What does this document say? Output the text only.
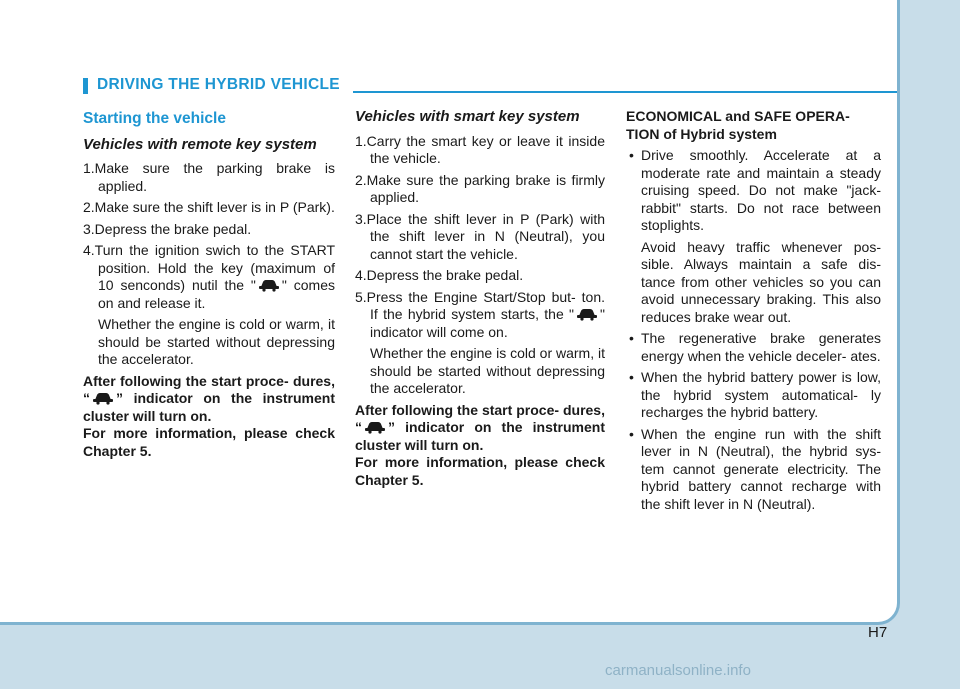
DRIVING THE HYBRID VEHICLE
Starting the vehicle
Vehicles with remote key system
1.Make sure the parking brake is applied.
2.Make sure the shift lever is in P (Park).
3.Depress the brake pedal.
4.Turn the ignition swich to the START position. Hold the key (maximum of 10 senconds) nutil the " " comes on and release it.
Whether the engine is cold or warm, it should be started without depressing the accelerator.
After following the start proce- dures, “ ” indicator on the instrument cluster will turn on.
For more information, please check Chapter 5.
Vehicles with smart key system
1.Carry the smart key or leave it inside the vehicle.
2.Make sure the parking brake is firmly applied.
3.Place the shift lever in P (Park) with the shift lever in N (Neutral), you cannot start the vehicle.
4.Depress the brake pedal.
5.Press the Engine Start/Stop but- ton. If the hybrid system starts, the " " indicator will come on.
Whether the engine is cold or warm, it should be started without depressing the accelerator.
After following the start proce- dures, “ ” indicator on the instrument cluster will turn on.
For more information, please check Chapter 5.
ECONOMICAL and SAFE OPERA- TION of Hybrid system
• Drive smoothly. Accelerate at a moderate rate and maintain a steady cruising speed. Do not make "jack-rabbit" starts. Do not race between stoplights.
Avoid heavy traffic whenever pos- sible. Always maintain a safe dis- tance from other vehicles so you can avoid unnecessary braking. This also reduces brake wear out.
• The regenerative brake generates energy when the vehicle deceler- ates.
• When the hybrid battery power is low, the hybrid system automatical- ly recharges the hybrid battery.
• When the engine run with the shift lever in N (Neutral), the hybrid sys- tem cannot generate electricity. The hybrid battery cannot recharge with the shift lever in N (Neutral).
H7
carmanualsonline.info
